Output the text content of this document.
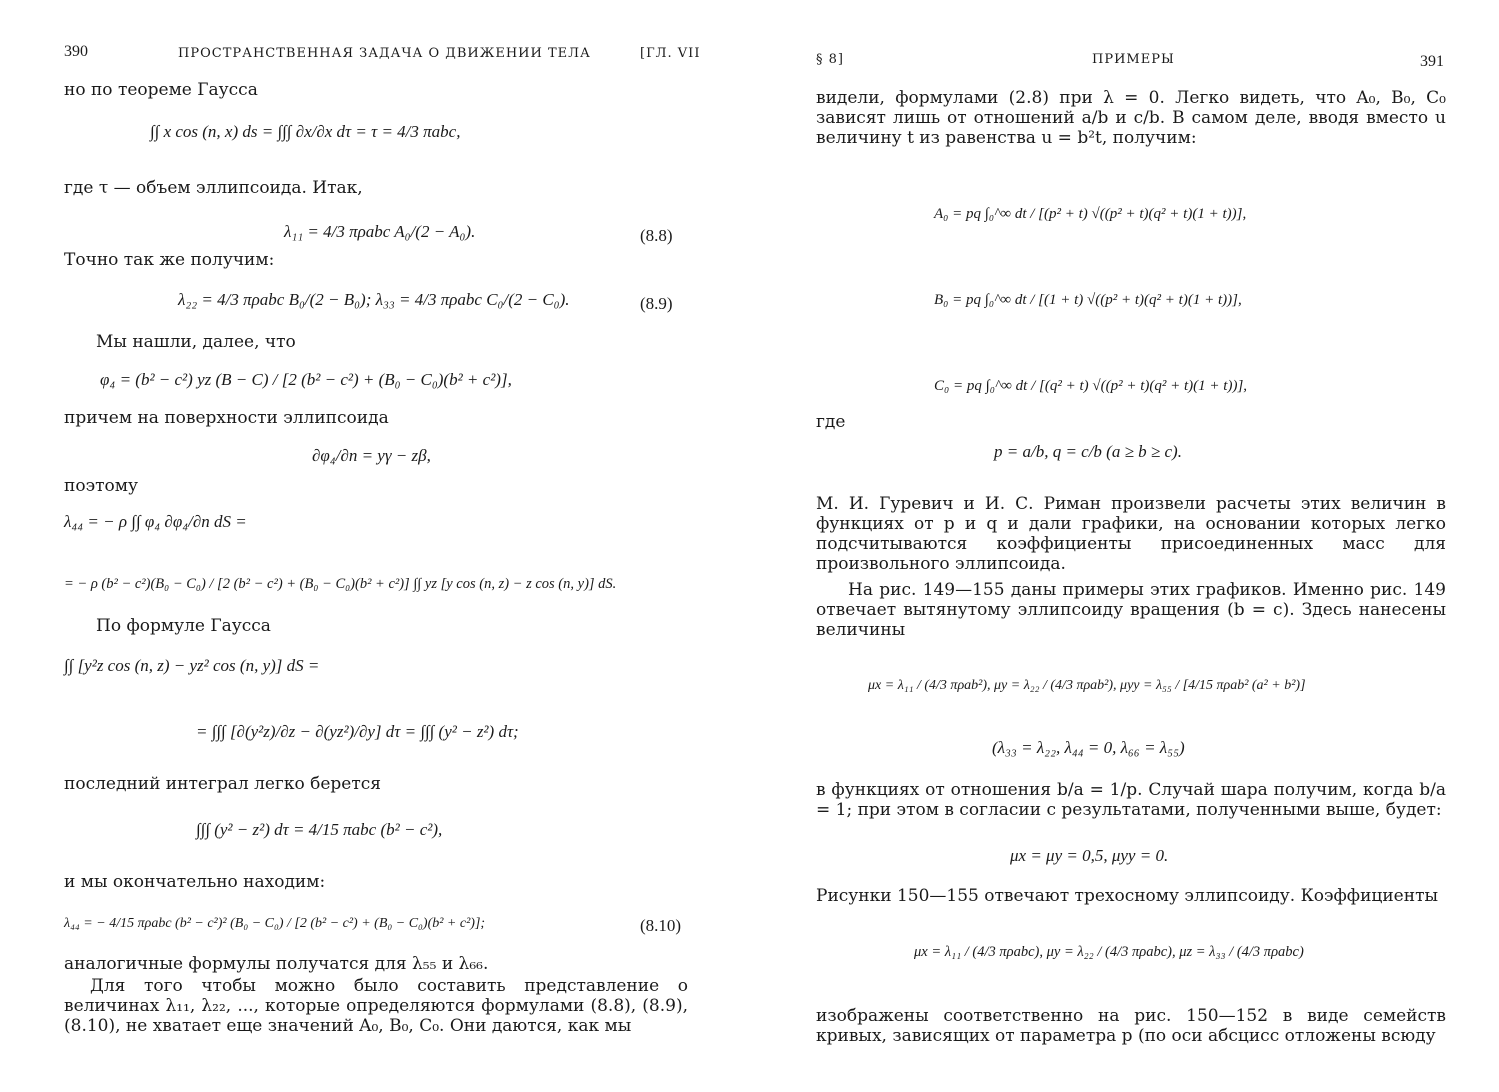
390	ПРОСТРАНСТВЕННАЯ ЗАДАЧА О ДВИЖЕНИИ ТЕЛА	[ГЛ. VII
но по теореме Гаусса
∫∫ x cos (n, x) ds = ∫∫∫ ∂x/∂x dτ = τ = 4/3 πabc,
где τ — объем эллипсоида. Итак,
λ₁₁ = 4/3 πρabc A₀/(2 − A₀).	(8.8)
Точно так же получим:
λ₂₂ = 4/3 πρabc B₀/(2 − B₀); λ₃₃ = 4/3 πρabc C₀/(2 − C₀).	(8.9)
Мы нашли, далее, что
φ₄ = (b² − c²) yz (B − C) / [2 (b² − c²) + (B₀ − C₀)(b² + c²)],
причем на поверхности эллипсоида
∂φ₄/∂n = yγ − zβ,
поэтому
λ₄₄ = − ρ ∫∫ φ₄ ∂φ₄/∂n dS =
= − ρ (b² − c²)(B₀ − C₀) / [2 (b² − c²) + (B₀ − C₀)(b² + c²)] ∫∫ yz [y cos (n, z) − z cos (n, y)] dS.
По формуле Гаусса
∫∫ [y²z cos (n, z) − yz² cos (n, y)] dS =
= ∫∫∫ [∂(y²z)/∂z − ∂(yz²)/∂y] dτ = ∫∫∫ (y² − z²) dτ;
последний интеграл легко берется
∫∫∫ (y² − z²) dτ = 4/15 πabc (b² − c²),
и мы окончательно находим:
λ₄₄ = − 4/15 πρabc (b² − c²)² (B₀ − C₀) / [2 (b² − c²) + (B₀ − C₀)(b² + c²)];	(8.10)
аналогичные формулы получатся для λ₅₅ и λ₆₆.
Для того чтобы можно было составить представление о величинах λ₁₁, λ₂₂, ..., которые определяются формулами (8.8), (8.9), (8.10), не хватает еще значений A₀, B₀, C₀. Они даются, как мы
§ 8]	ПРИМЕРЫ	391
видели, формулами (2.8) при λ = 0. Легко видеть, что A₀, B₀, C₀ зависят лишь от отношений a/b и c/b. В самом деле, вводя вместо u величину t из равенства u = b²t, получим:
A₀ = pq ∫₀^∞ dt / [(p² + t) √((p² + t)(q² + t)(1 + t))],
B₀ = pq ∫₀^∞ dt / [(1 + t) √((p² + t)(q² + t)(1 + t))],
C₀ = pq ∫₀^∞ dt / [(q² + t) √((p² + t)(q² + t)(1 + t))],
где
p = a/b, q = c/b (a ≥ b ≥ c).
М. И. Гуревич и И. С. Риман произвели расчеты этих величин в функциях от p и q и дали графики, на основании которых легко подсчитываются коэффициенты присоединенных масс для произвольного эллипсоида.
На рис. 149—155 даны примеры этих графиков. Именно рис. 149 отвечает вытянутому эллипсоиду вращения (b = c). Здесь нанесены величины
μx = λ₁₁ / (4/3 πρab²), μy = λ₂₂ / (4/3 πρab²), μyy = λ₅₅ / [4/15 πρab² (a² + b²)]
(λ₃₃ = λ₂₂, λ₄₄ = 0, λ₆₆ = λ₅₅)
в функциях от отношения b/a = 1/p. Случай шара получим, когда b/a = 1; при этом в согласии с результатами, полученными выше, будет:
μx = μy = 0,5, μyy = 0.
Рисунки 150—155 отвечают трехосному эллипсоиду. Коэффициенты
μx = λ₁₁ / (4/3 πρabc), μy = λ₂₂ / (4/3 πρabc), μz = λ₃₃ / (4/3 πρabc)
изображены соответственно на рис. 150—152 в виде семейств кривых, зависящих от параметра p (по оси абсцисс отложены всюду
